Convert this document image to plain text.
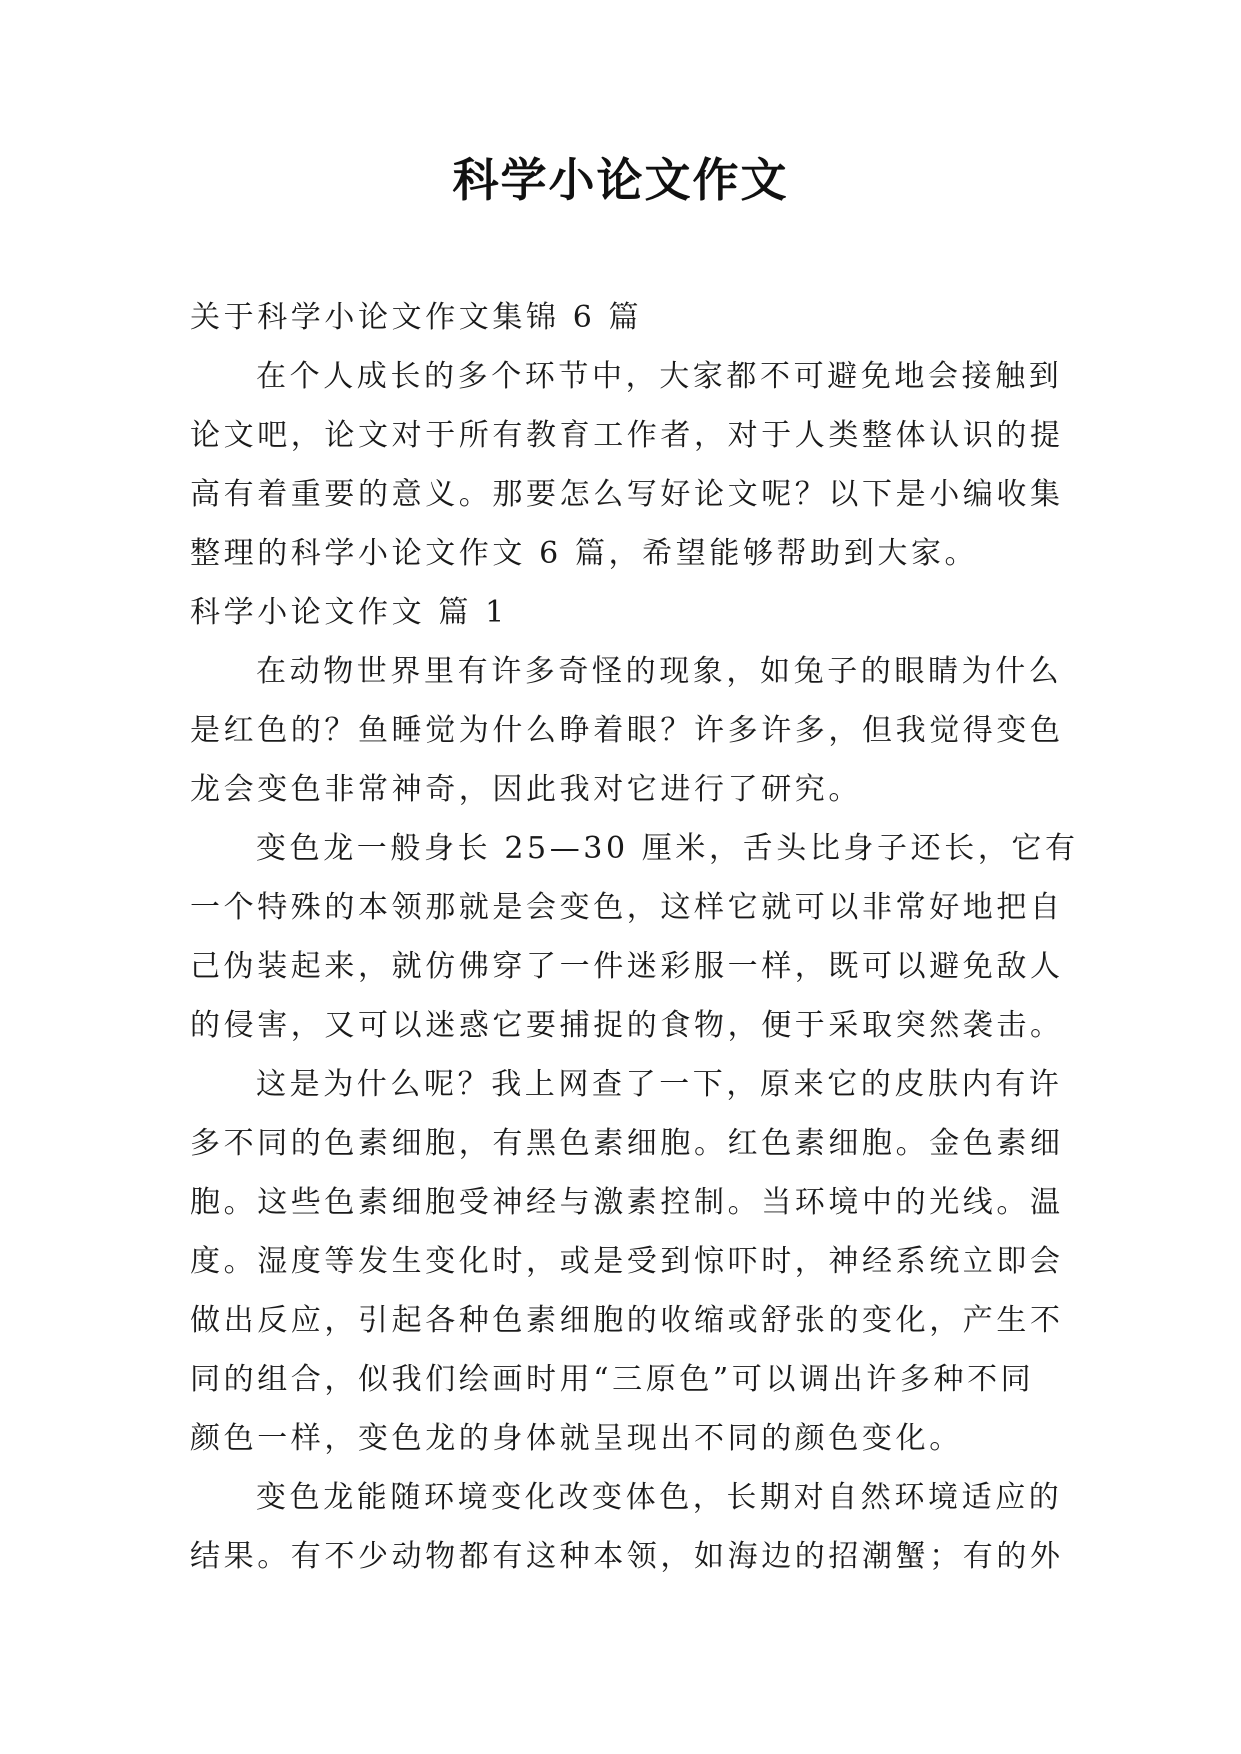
科学小论文作文
关于科学小论文作文集锦 6 篇
在个人成长的多个环节中，大家都不可避免地会接触到
论文吧，论文对于所有教育工作者，对于人类整体认识的提
高有着重要的意义。那要怎么写好论文呢？以下是小编收集
整理的科学小论文作文 6 篇，希望能够帮助到大家。
科学小论文作文 篇 1
在动物世界里有许多奇怪的现象，如兔子的眼睛为什么
是红色的？鱼睡觉为什么睁着眼？许多许多，但我觉得变色
龙会变色非常神奇，因此我对它进行了研究。
变色龙一般身长 25—30 厘米，舌头比身子还长，它有
一个特殊的本领那就是会变色，这样它就可以非常好地把自
己伪装起来，就仿佛穿了一件迷彩服一样，既可以避免敌人
的侵害，又可以迷惑它要捕捉的食物，便于采取突然袭击。
这是为什么呢？我上网查了一下，原来它的皮肤内有许
多不同的色素细胞，有黑色素细胞。红色素细胞。金色素细
胞。这些色素细胞受神经与激素控制。当环境中的光线。温
度。湿度等发生变化时，或是受到惊吓时，神经系统立即会
做出反应，引起各种色素细胞的收缩或舒张的变化，产生不
同的组合，似我们绘画时用“三原色”可以调出许多种不同
颜色一样，变色龙的身体就呈现出不同的颜色变化。
变色龙能随环境变化改变体色，长期对自然环境适应的
结果。有不少动物都有这种本领，如海边的招潮蟹；有的外
